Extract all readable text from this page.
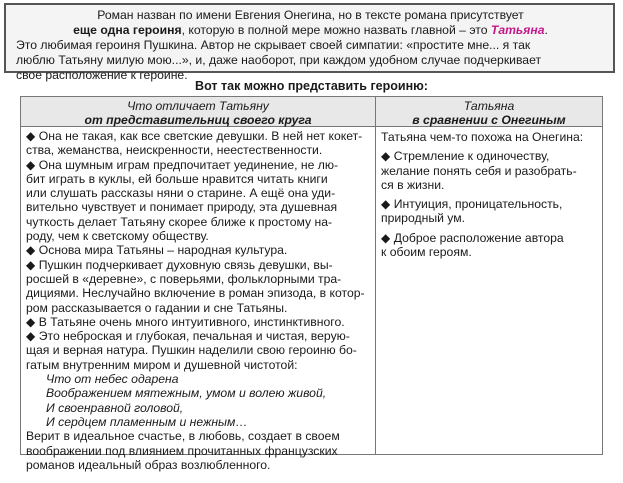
Роман назван по имени Евгения Онегина, но в тексте романа присутствует
еще одна героиня, которую в полной мере можно назвать главной – это Татьяна.
Это любимая героиня Пушкина. Автор не скрывает своей симпатии: «простите мне... я так
люблю Татьяну милую мою...», и, даже наоборот, при каждом удобном случае подчеркивает
свое расположение к героине.
Вот так можно представить героиню:
Что отличает Татьяну
от представительниц своего круга
Татьяна
в сравнении с Онегиным
◆ Она не такая, как все светские девушки. В ней нет кокет-
ства, жеманства, неискренности, неестественности.
◆ Она шумным играм предпочитает уединение, не лю-
бит играть в куклы, ей больше нравится читать книги
или слушать рассказы няни о старине. А ещё она уди-
вительно чувствует и понимает природу, эта душевная
чуткость делает Татьяну скорее ближе к простому на-
роду, чем к светскому обществу.
◆ Основа мира Татьяны – народная культура.
◆ Пушкин подчеркивает духовную связь девушки, вы-
росшей в «деревне», с поверьями, фольклорными тра-
дициями. Неслучайно включение в роман эпизода, в котор-
ром рассказывается о гадании и сне Татьяны.
◆ В Татьяне очень много интуитивного, инстинктивного.
◆ Это неброская и глубокая, печальная и чистая, верую-
щая и верная натура. Пушкин наделили свою героиню бо-
гатым внутренним миром и душевной чистотой:
Что от небес одарена
Воображением мятежным, умом и волею живой,
И своенравной головой,
И сердцем пламенным и нежным…
Верит в идеальное счастье, в любовь, создает в своем
воображении под влиянием прочитанных французских
романов идеальный образ возлюбленного.
Татьяна чем-то похожа на Онегина:
◆ Стремление к одиночеству,
желание понять себя и разобрать-
ся в жизни.
◆ Интуиция, проницательность,
природный ум.
◆ Доброе расположение автора
к обоим героям.
